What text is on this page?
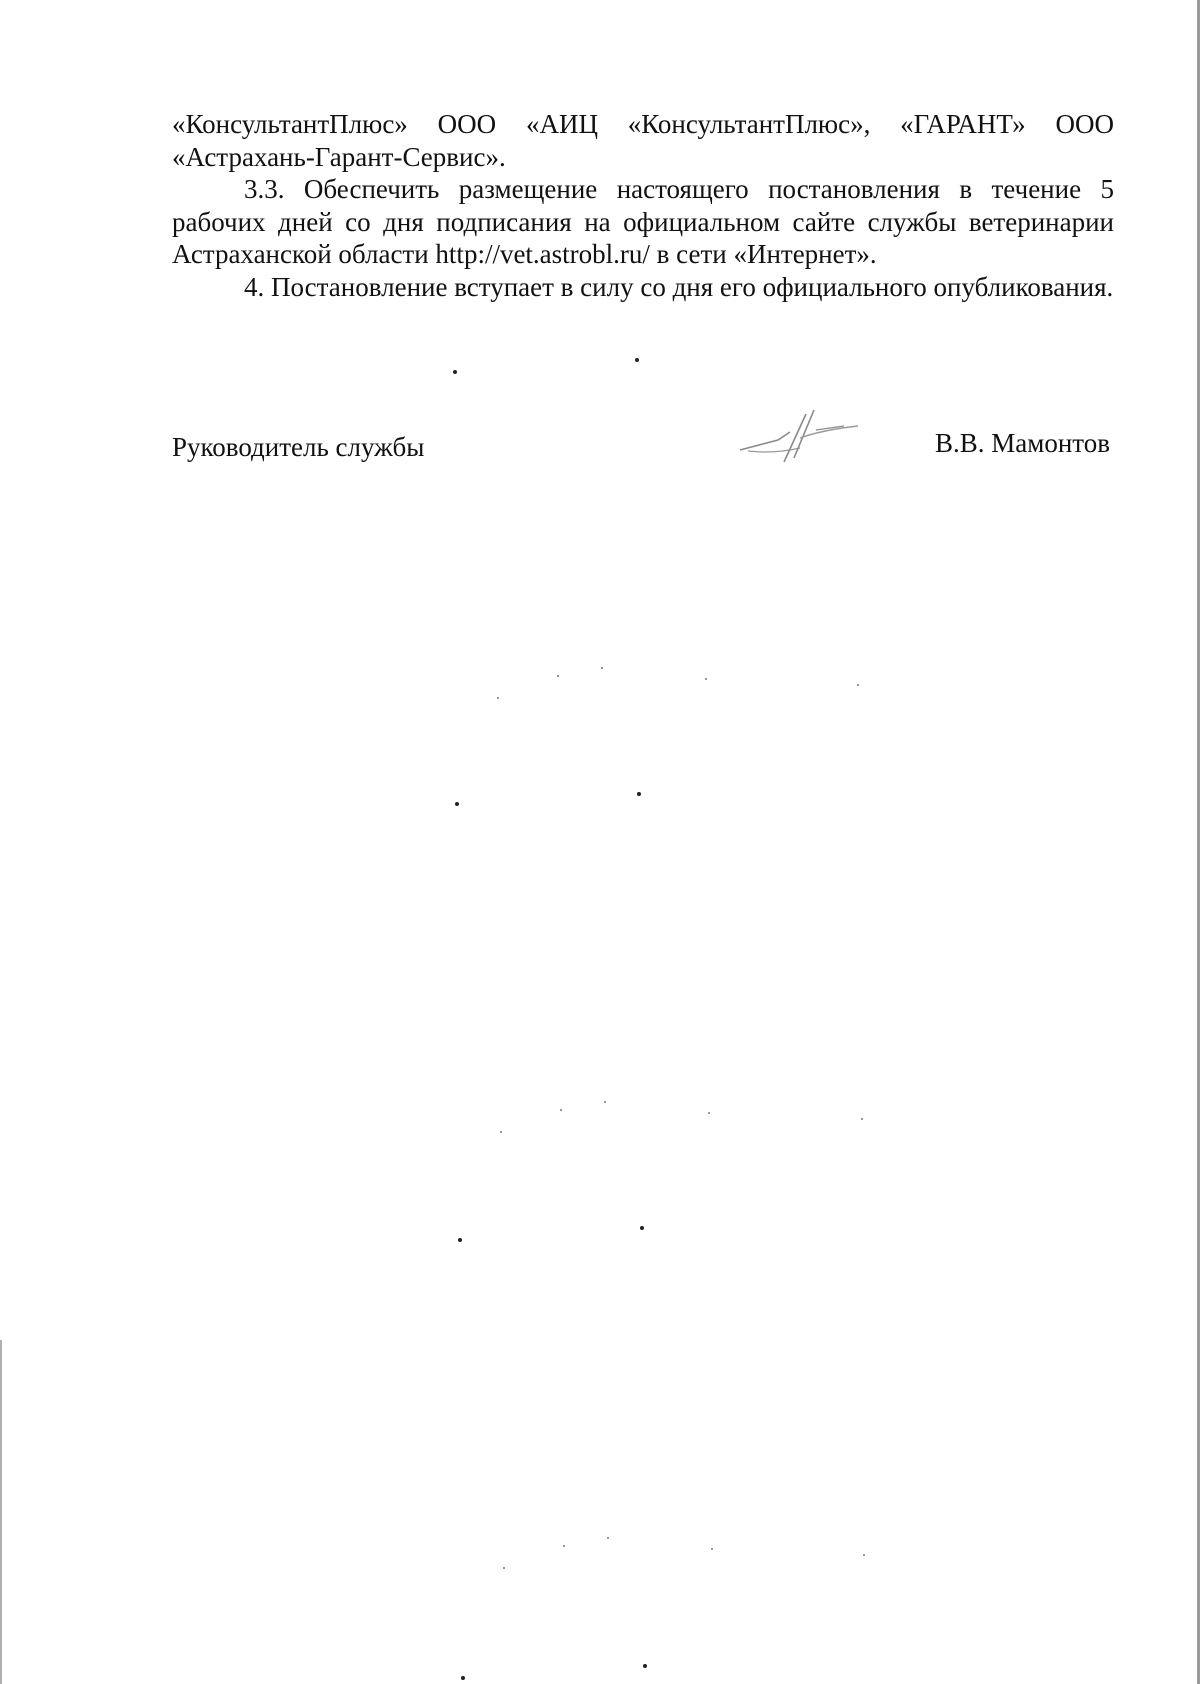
«КонсультантПлюс» ООО «АИЦ «КонсультантПлюс», «ГАРАНТ» ООО «Астрахань-Гарант-Сервис».

3.3. Обеспечить размещение настоящего постановления в течение 5 рабочих дней со дня подписания на официальном сайте службы ветеринарии Астраханской области http://vet.astrobl.ru/ в сети «Интернет».

4. Постановление вступает в силу со дня его официального опубликования.

Руководитель службы	В.В. Мамонтов
